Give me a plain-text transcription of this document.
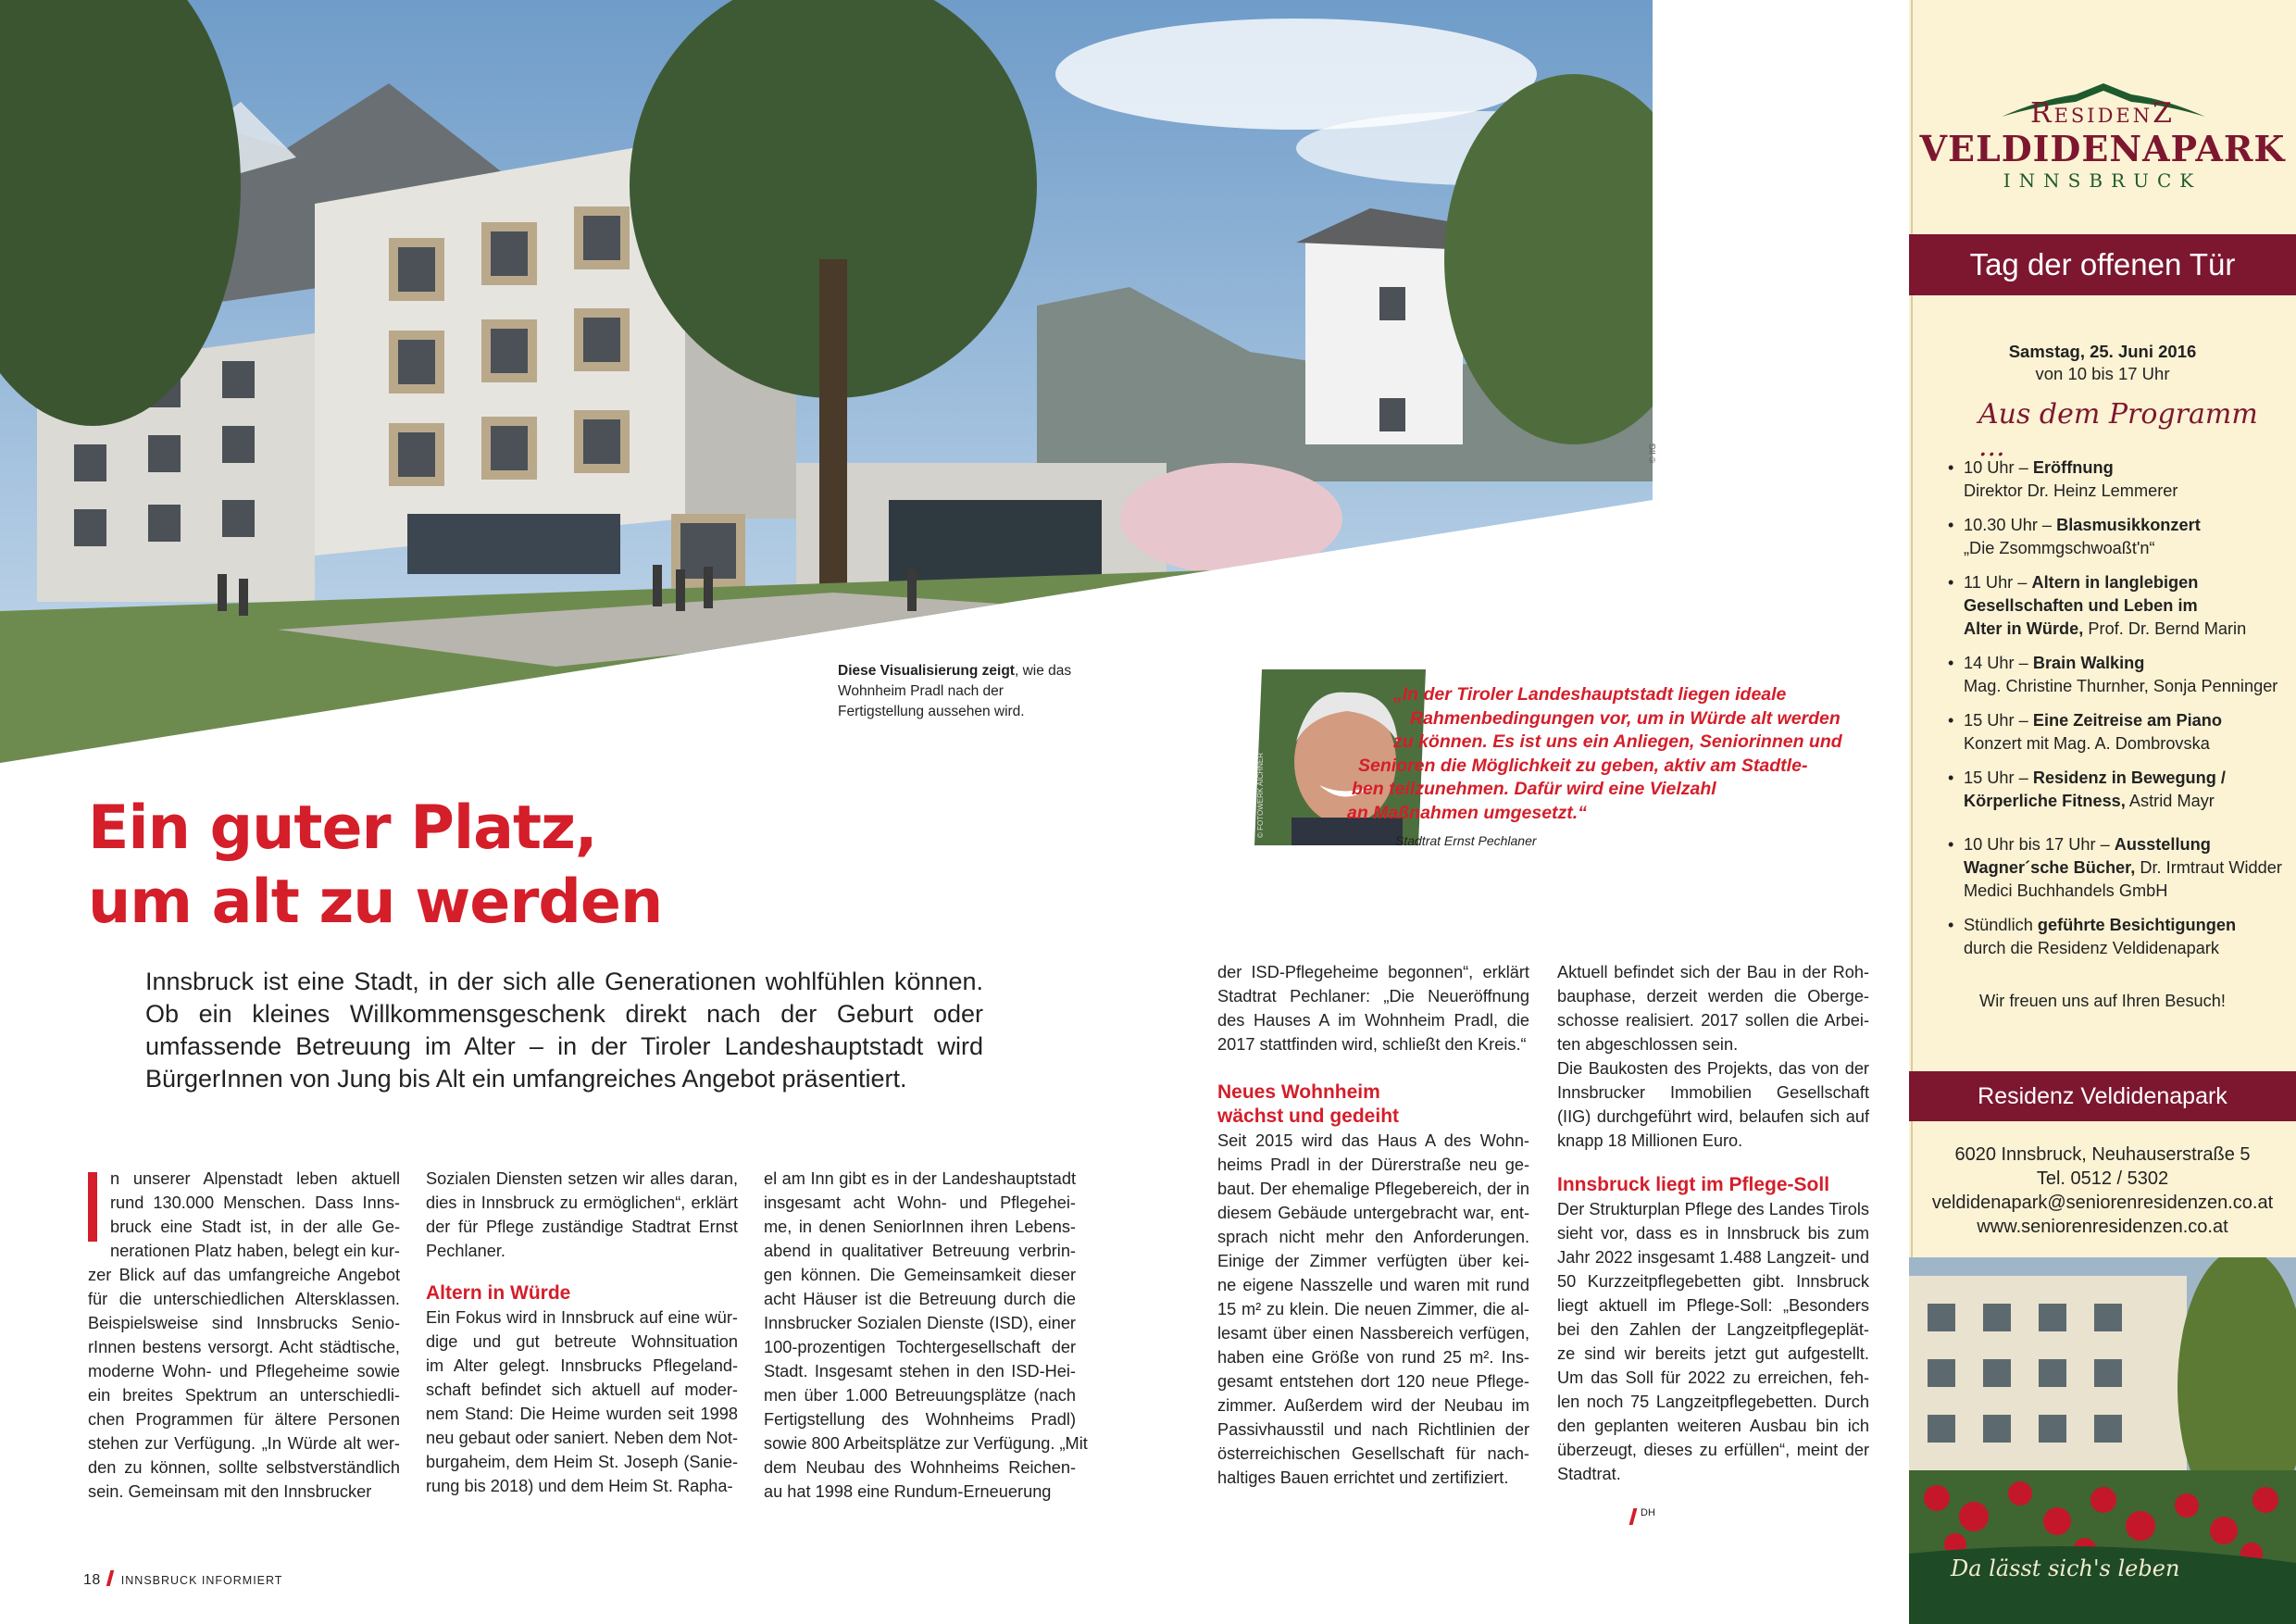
© IIG
Diese Visualisierung zeigt, wie das Wohnheim Pradl nach der Fertigstellung aussehen wird.
© FOTOWERK AICHNER
„In der Tiroler Landeshauptstadt liegen ideale
Rahmenbedingungen vor, um in Würde alt werden
zu können. Es ist uns ein Anliegen, Seniorinnen und
Senioren die Möglichkeit zu geben, aktiv am Stadtle-
ben teilzunehmen. Dafür wird eine Vielzahl
an Maßnahmen umgesetzt.“
Stadtrat Ernst Pechlaner
Ein guter Platz,
um alt zu werden
Innsbruck ist eine Stadt, in der sich alle Generationen wohlfühlen können. Ob ein kleines Willkommensgeschenk direkt nach der Geburt oder umfassende Betreuung im Alter – in der Tiroler Landeshauptstadt wird BürgerInnen von Jung bis Alt ein umfangreiches Angebot präsentiert.
n unserer Alpenstadt leben aktuell
rund 130.000 Menschen. Dass Inns-
bruck eine Stadt ist, in der alle Ge-
nerationen Platz haben, belegt ein kur-
zer Blick auf das umfangreiche Angebot
für die unterschiedlichen Altersklassen.
Beispielsweise sind Innsbrucks Senio-
rInnen bestens versorgt. Acht städtische,
moderne Wohn- und Pflegeheime sowie
ein breites Spektrum an unterschiedli-
chen Programmen für ältere Personen
stehen zur Verfügung. „In Würde alt wer-
den zu können, sollte selbstverständlich
sein. Gemeinsam mit den Innsbrucker
Sozialen Diensten setzen wir alles daran,
dies in Innsbruck zu ermöglichen“, erklärt
der für Pflege zuständige Stadtrat Ernst
Pechlaner.

Altern in Würde

Ein Fokus wird in Innsbruck auf eine wür-
dige und gut betreute Wohnsituation
im Alter gelegt. Innsbrucks Pflegeland-
schaft befindet sich aktuell auf moder-
nem Stand: Die Heime wurden seit 1998
neu gebaut oder saniert. Neben dem Not-
burgaheim, dem Heim St. Joseph (Sanie-
rung bis 2018) und dem Heim St. Rapha-
el am Inn gibt es in der Landeshauptstadt
insgesamt acht Wohn- und Pflegehei-
me, in denen SeniorInnen ihren Lebens-
abend in qualitativer Betreuung verbrin-
gen können. Die Gemeinsamkeit dieser
acht Häuser ist die Betreuung durch die
Innsbrucker Sozialen Dienste (ISD), einer
100-prozentigen Tochtergesellschaft der
Stadt. Insgesamt stehen in den ISD-Hei-
men über 1.000 Betreuungsplätze (nach
Fertigstellung des Wohnheims Pradl)
sowie 800 Arbeitsplätze zur Verfügung. „Mit
dem Neubau des Wohnheims Reichen-
au hat 1998 eine Rundum-Erneuerung
der ISD-Pflegeheime begonnen“, erklärt
Stadtrat Pechlaner: „Die Neueröffnung
des Hauses A im Wohnheim Pradl, die
2017 stattfinden wird, schließt den Kreis.“

Neues Wohnheim
wächst und gedeiht

Seit 2015 wird das Haus A des Wohn-
heims Pradl in der Dürerstraße neu ge-
baut. Der ehemalige Pflegebereich, der in
diesem Gebäude untergebracht war, ent-
sprach nicht mehr den Anforderungen.
Einige der Zimmer verfügten über kei-
ne eigene Nasszelle und waren mit rund
15 m² zu klein. Die neuen Zimmer, die al-
lesamt über einen Nassbereich verfügen,
haben eine Größe von rund 25 m². Ins-
gesamt entstehen dort 120 neue Pflege-
zimmer. Außerdem wird der Neubau im
Passivhausstil und nach Richtlinien der
österreichischen Gesellschaft für nach-
haltiges Bauen errichtet und zertifiziert.
Aktuell befindet sich der Bau in der Roh-
bauphase, derzeit werden die Oberge-
schosse realisiert. 2017 sollen die Arbei-
ten abgeschlossen sein.
Die Baukosten des Projekts, das von der
Innsbrucker Immobilien Gesellschaft
(IIG) durchgeführt wird, belaufen sich auf
knapp 18 Millionen Euro.

Innsbruck liegt im Pflege-Soll

Der Strukturplan Pflege des Landes Tirols
sieht vor, dass es in Innsbruck bis zum
Jahr 2022 insgesamt 1.488 Langzeit- und
50 Kurzzeitpflegebetten gibt. Innsbruck
liegt aktuell im Pflege-Soll: „Besonders
bei den Zahlen der Langzeitpflegeplät-
ze sind wir bereits jetzt gut aufgestellt.
Um das Soll für 2022 zu erreichen, feh-
len noch 75 Langzeitpflegebetten. Durch
den geplanten weiteren Ausbau bin ich
überzeugt, dieses zu erfüllen“, meint der
Stadtrat.
DH
18 INNSBRUCK INFORMIERT
ResidenZ
VELDIDENAPARK
INNSBRUCK
Tag der offenen Tür
Samstag, 25. Juni 2016
von 10 bis 17 Uhr
Aus dem Programm ...
• 10 Uhr – Eröffnung
Direktor Dr. Heinz Lemmerer
• 10.30 Uhr – Blasmusikkonzert
„Die Zsommgschwoaßt'n“
• 11 Uhr – Altern in langlebigen
Gesellschaften und Leben im
Alter in Würde, Prof. Dr. Bernd Marin
• 14 Uhr – Brain Walking
Mag. Christine Thurnher, Sonja Penninger
• 15 Uhr – Eine Zeitreise am Piano
Konzert mit Mag. A. Dombrovska
• 15 Uhr – Residenz in Bewegung /
Körperliche Fitness, Astrid Mayr
• 10 Uhr bis 17 Uhr – Ausstellung
Wagner´sche Bücher, Dr. Irmtraut Widder
Medici Buchhandels GmbH
• Stündlich geführte Besichtigungen
durch die Residenz Veldidenapark
Wir freuen uns auf Ihren Besuch!
Residenz Veldidenapark
6020 Innsbruck, Neuhauserstraße 5
Tel. 0512 / 5302
veldidenapark@seniorenresidenzen.co.at
www.seniorenresidenzen.co.at
Da lässt sich's leben
